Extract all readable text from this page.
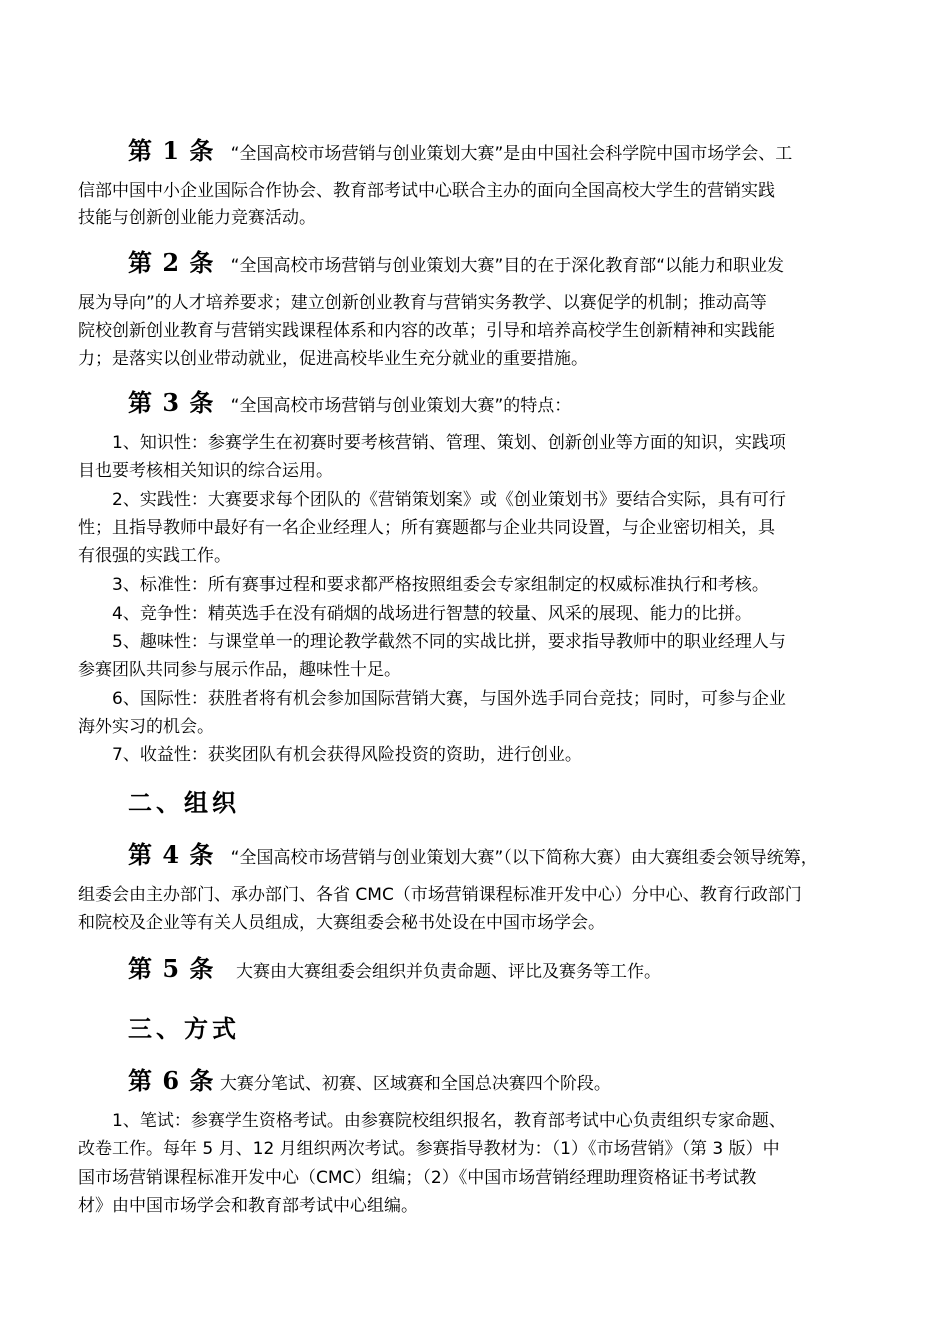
第 1 条 “全国高校市场营销与创业策划大赛”是由中国社会科学院中国市场学会、工
信部中国中小企业国际合作协会、教育部考试中心联合主办的面向全国高校大学生的营销实践
技能与创新创业能力竞赛活动。
第 2 条 “全国高校市场营销与创业策划大赛”目的在于深化教育部“以能力和职业发
展为导向”的人才培养要求；建立创新创业教育与营销实务教学、以赛促学的机制；推动高等
院校创新创业教育与营销实践课程体系和内容的改革；引导和培养高校学生创新精神和实践能
力；是落实以创业带动就业，促进高校毕业生充分就业的重要措施。
第 3 条 “全国高校市场营销与创业策划大赛”的特点：
1、知识性：参赛学生在初赛时要考核营销、管理、策划、创新创业等方面的知识，实践项
目也要考核相关知识的综合运用。
2、实践性：大赛要求每个团队的《营销策划案》或《创业策划书》要结合实际，具有可行
性；且指导教师中最好有一名企业经理人；所有赛题都与企业共同设置，与企业密切相关，具
有很强的实践工作。
3、标准性：所有赛事过程和要求都严格按照组委会专家组制定的权威标准执行和考核。
4、竞争性：精英选手在没有硝烟的战场进行智慧的较量、风采的展现、能力的比拼。
5、趣味性：与课堂单一的理论教学截然不同的实战比拼，要求指导教师中的职业经理人与
参赛团队共同参与展示作品，趣味性十足。
6、国际性：获胜者将有机会参加国际营销大赛，与国外选手同台竞技；同时，可参与企业
海外实习的机会。
7、收益性：获奖团队有机会获得风险投资的资助，进行创业。
二、组织
第 4 条 “全国高校市场营销与创业策划大赛”（以下简称大赛）由大赛组委会领导统筹，
组委会由主办部门、承办部门、各省 CMC（市场营销课程标准开发中心）分中心、教育行政部门
和院校及企业等有关人员组成，大赛组委会秘书处设在中国市场学会。
第 5 条 大赛由大赛组委会组织并负责命题、评比及赛务等工作。
三、方式
第 6 条 大赛分笔试、初赛、区域赛和全国总决赛四个阶段。
1、笔试：参赛学生资格考试。由参赛院校组织报名，教育部考试中心负责组织专家命题、
改卷工作。每年 5 月、12 月组织两次考试。参赛指导教材为：（1）《市场营销》（第 3 版）中
国市场营销课程标准开发中心（CMC）组编；（2）《中国市场营销经理助理资格证书考试教
材》由中国市场学会和教育部考试中心组编。
